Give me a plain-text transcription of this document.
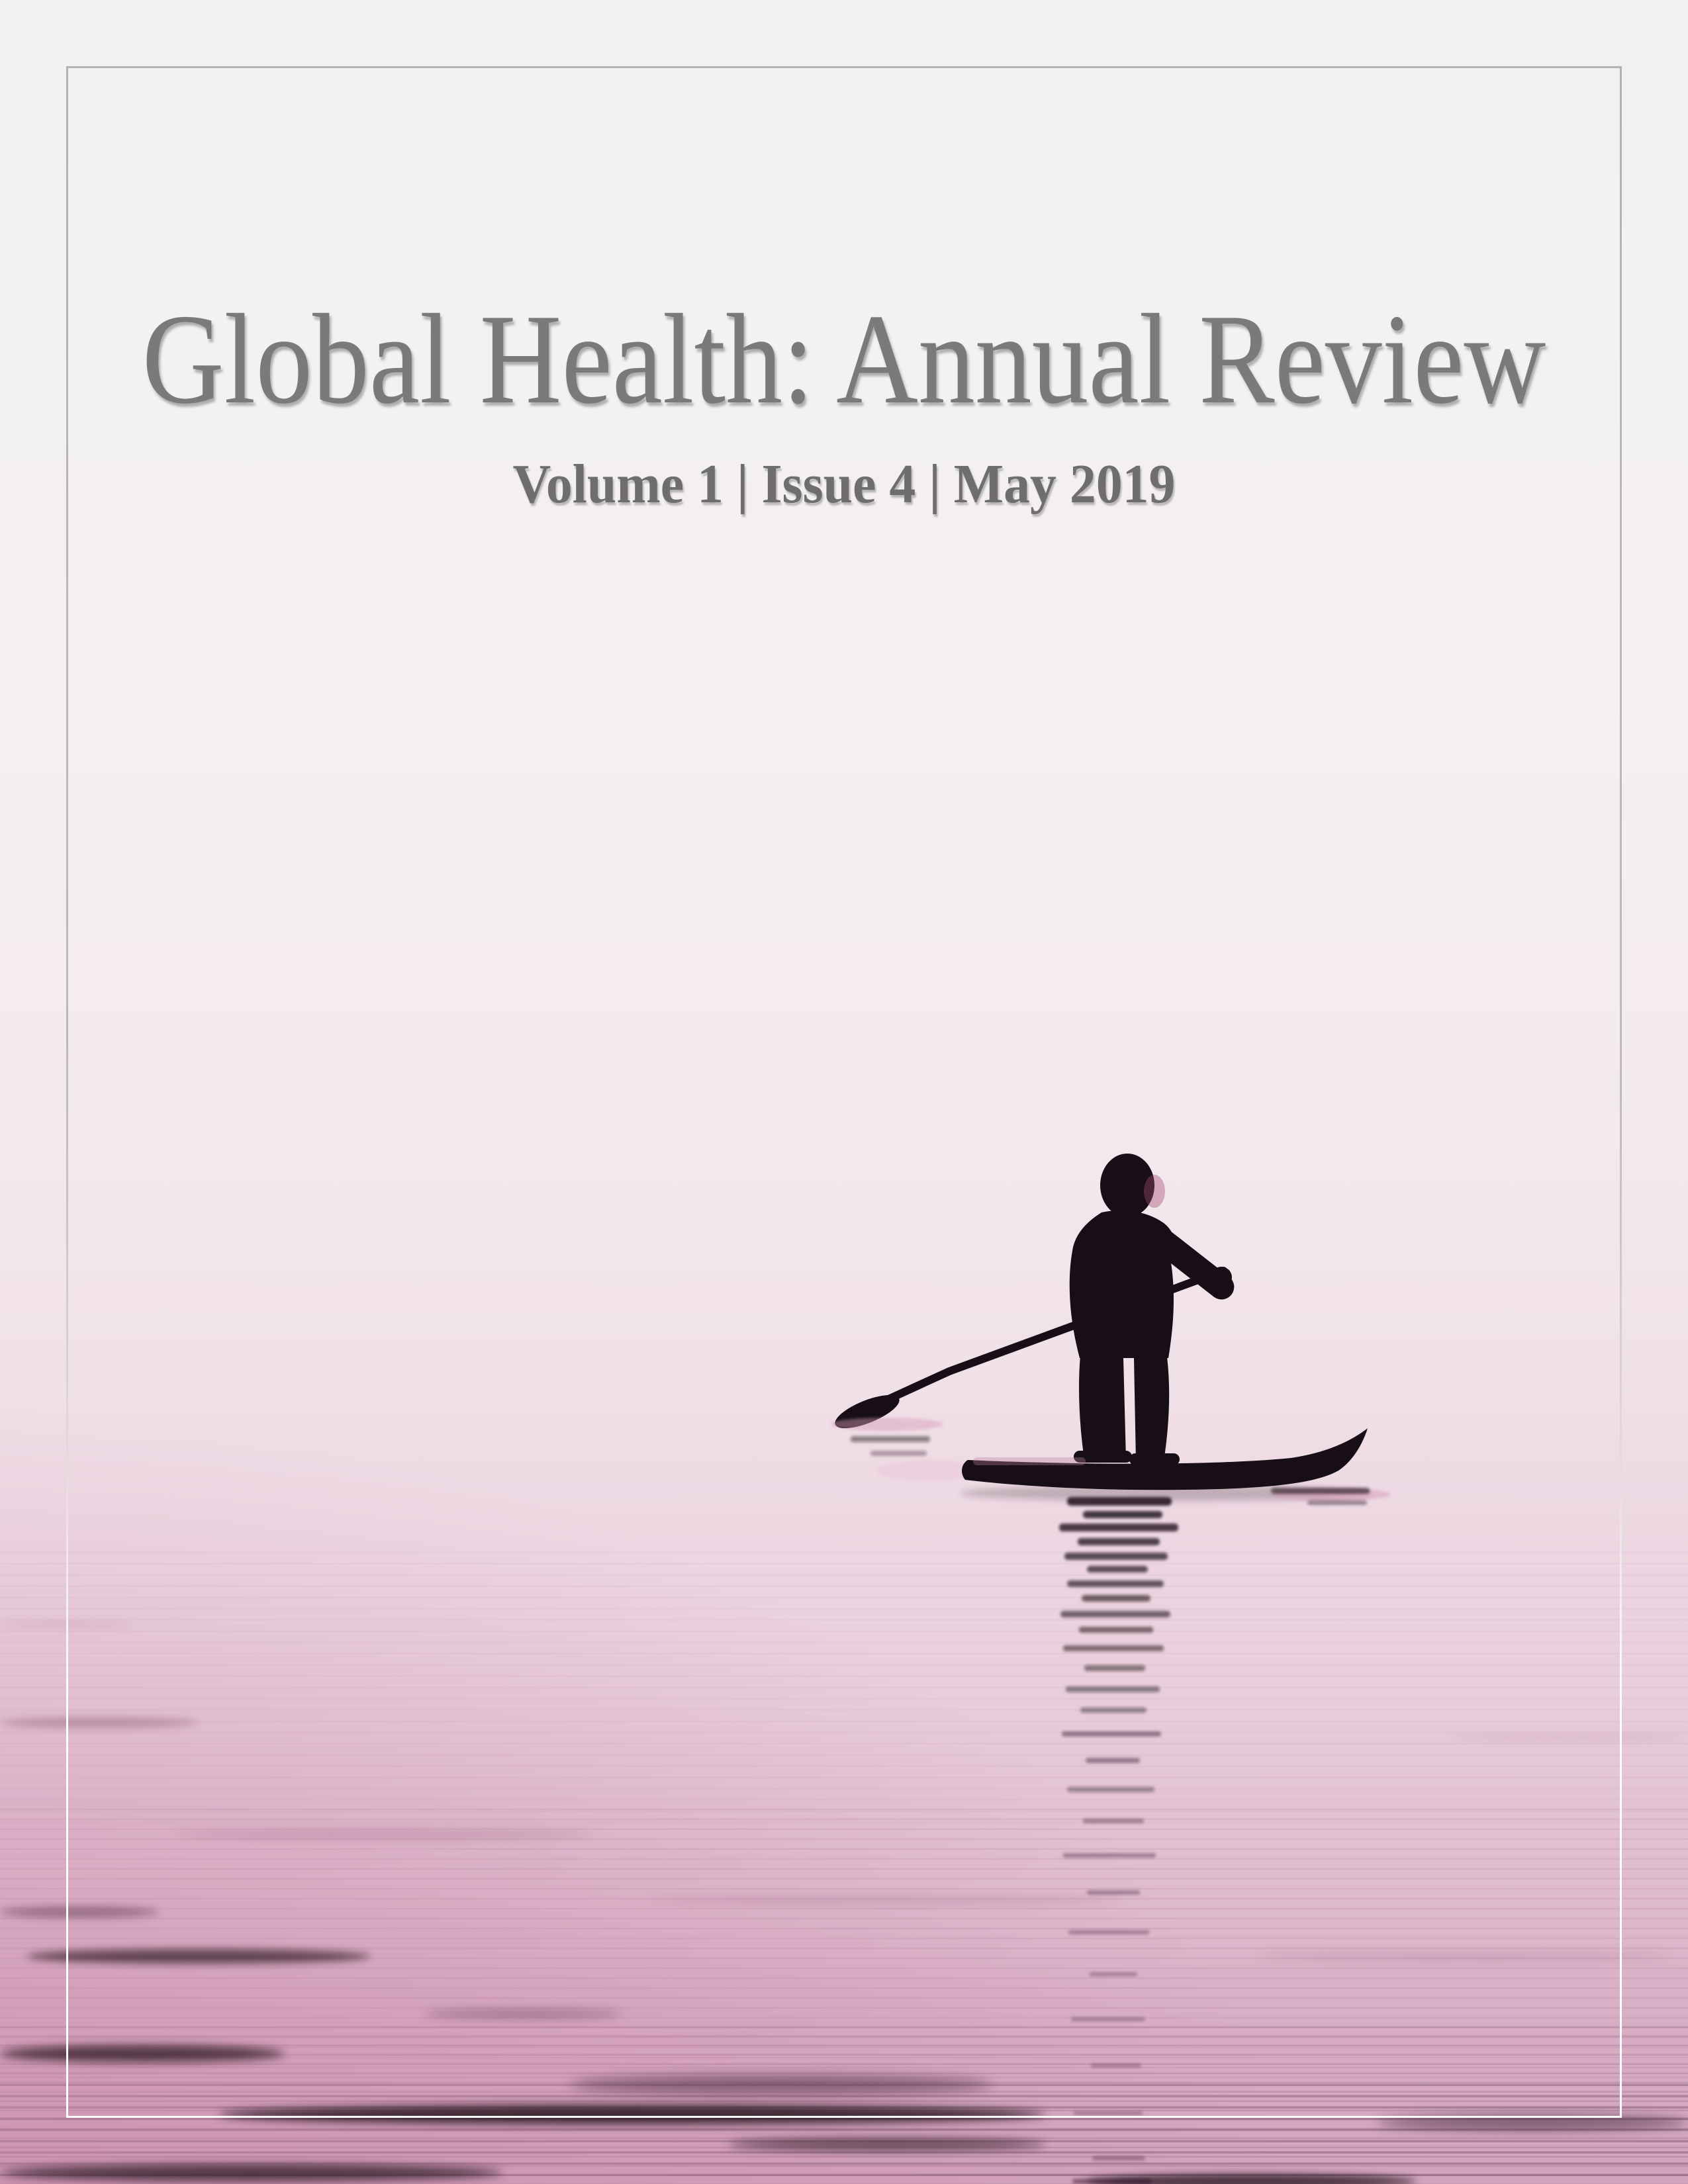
Global Health: Annual Review

Volume 1 | Issue 4 | May 2019
